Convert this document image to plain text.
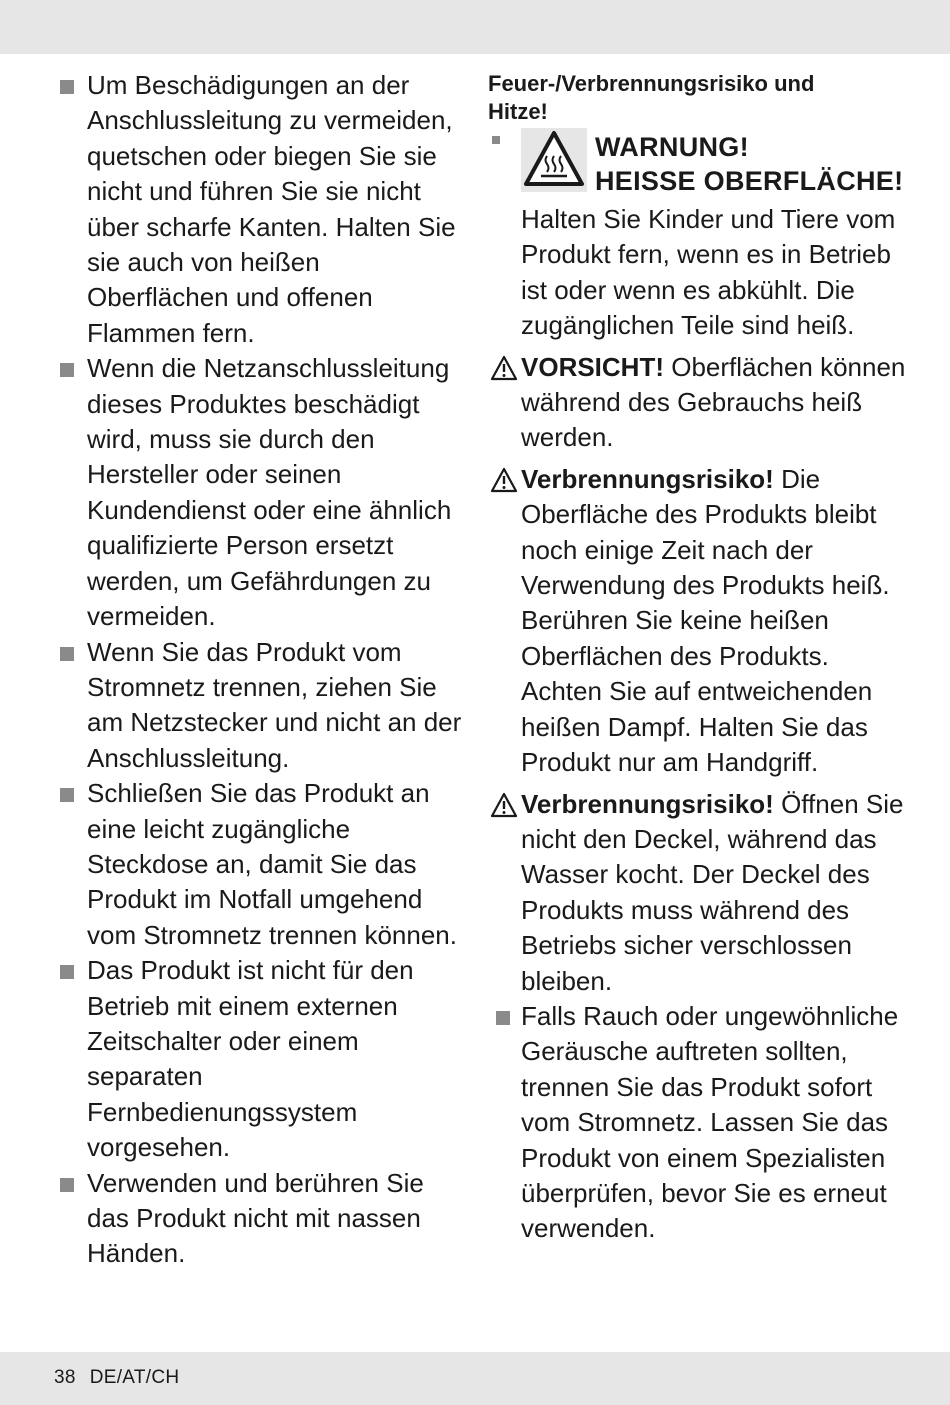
Um Beschädigungen an der Anschlussleitung zu vermeiden, quetschen oder biegen Sie sie nicht und führen Sie sie nicht über scharfe Kanten. Halten Sie sie auch von heißen Oberflächen und offenen Flammen fern.
Wenn die Netzanschlussleitung dieses Produktes beschädigt wird, muss sie durch den Hersteller oder seinen Kundendienst oder eine ähnlich qualifizierte Person ersetzt werden, um Gefährdungen zu vermeiden.
Wenn Sie das Produkt vom Stromnetz trennen, ziehen Sie am Netzstecker und nicht an der Anschlussleitung.
Schließen Sie das Produkt an eine leicht zugängliche Steckdose an, damit Sie das Produkt im Notfall umgehend vom Stromnetz trennen können.
Das Produkt ist nicht für den Betrieb mit einem externen Zeitschalter oder einem separaten Fernbedienungssystem vorgesehen.
Verwenden und berühren Sie das Produkt nicht mit nassen Händen.
Feuer-/Verbrennungsrisiko und Hitze!
WARNUNG!
HEISSE OBERFLÄCHE!
Halten Sie Kinder und Tiere vom Produkt fern, wenn es in Betrieb ist oder wenn es abkühlt. Die zugänglichen Teile sind heiß.
VORSICHT! Oberflächen können während des Gebrauchs heiß werden.
Verbrennungsrisiko! Die Oberfläche des Produkts bleibt noch einige Zeit nach der Verwendung des Produkts heiß. Berühren Sie keine heißen Oberflächen des Produkts. Achten Sie auf entweichenden heißen Dampf. Halten Sie das Produkt nur am Handgriff.
Verbrennungsrisiko! Öffnen Sie nicht den Deckel, während das Wasser kocht. Der Deckel des Produkts muss während des Betriebs sicher verschlossen bleiben.
Falls Rauch oder ungewöhnliche Geräusche auftreten sollten, trennen Sie das Produkt sofort vom Stromnetz. Lassen Sie das Produkt von einem Spezialisten überprüfen, bevor Sie es erneut verwenden.
38 DE/AT/CH
